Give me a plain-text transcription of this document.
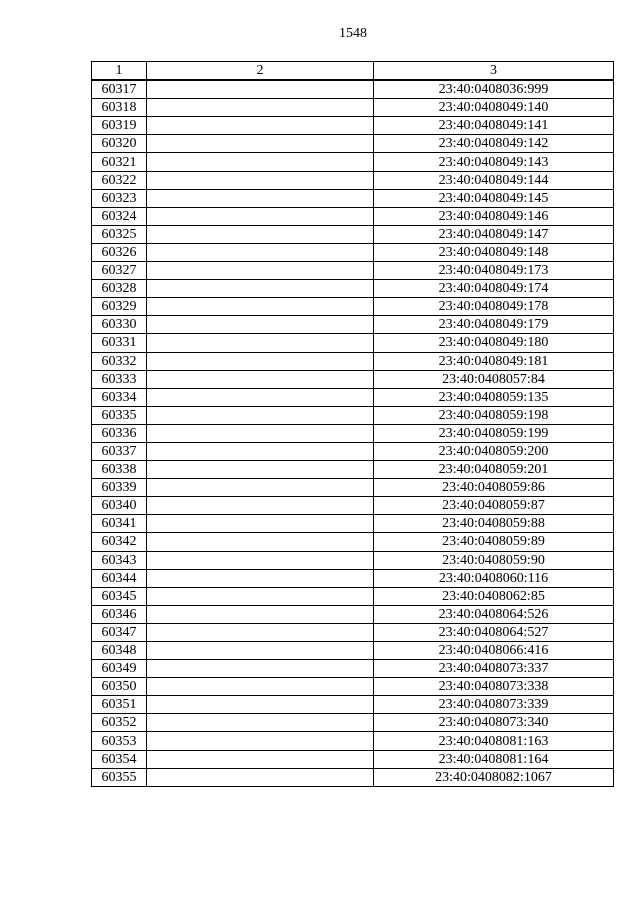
1548
1	2	3
60317		23:40:0408036:999
60318		23:40:0408049:140
60319		23:40:0408049:141
60320		23:40:0408049:142
60321		23:40:0408049:143
60322		23:40:0408049:144
60323		23:40:0408049:145
60324		23:40:0408049:146
60325		23:40:0408049:147
60326		23:40:0408049:148
60327		23:40:0408049:173
60328		23:40:0408049:174
60329		23:40:0408049:178
60330		23:40:0408049:179
60331		23:40:0408049:180
60332		23:40:0408049:181
60333		23:40:0408057:84
60334		23:40:0408059:135
60335		23:40:0408059:198
60336		23:40:0408059:199
60337		23:40:0408059:200
60338		23:40:0408059:201
60339		23:40:0408059:86
60340		23:40:0408059:87
60341		23:40:0408059:88
60342		23:40:0408059:89
60343		23:40:0408059:90
60344		23:40:0408060:116
60345		23:40:0408062:85
60346		23:40:0408064:526
60347		23:40:0408064:527
60348		23:40:0408066:416
60349		23:40:0408073:337
60350		23:40:0408073:338
60351		23:40:0408073:339
60352		23:40:0408073:340
60353		23:40:0408081:163
60354		23:40:0408081:164
60355		23:40:0408082:1067
